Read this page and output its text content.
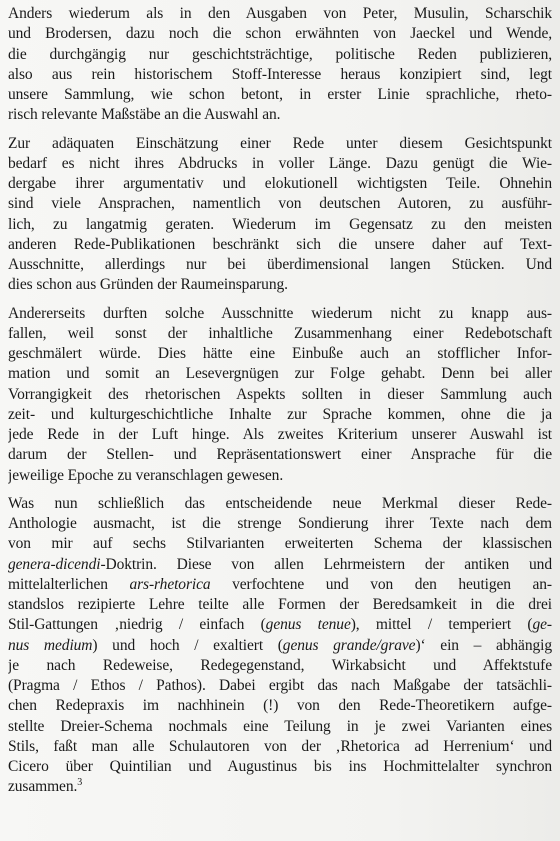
Anders wiederum als in den Ausgaben von Peter, Musulin, Scharschik
und Brodersen, dazu noch die schon erwähnten von Jaeckel und Wende,
die durchgängig nur geschichtsträchtige, politische Reden publizieren,
also aus rein historischem Stoff-Interesse heraus konzipiert sind, legt
unsere Sammlung, wie schon betont, in erster Linie sprachliche, rheto-
risch relevante Maßstäbe an die Auswahl an.

Zur adäquaten Einschätzung einer Rede unter diesem Gesichtspunkt
bedarf es nicht ihres Abdrucks in voller Länge. Dazu genügt die Wie-
dergabe ihrer argumentativ und elokutionell wichtigsten Teile. Ohnehin
sind viele Ansprachen, namentlich von deutschen Autoren, zu ausführ-
lich, zu langatmig geraten. Wiederum im Gegensatz zu den meisten
anderen Rede-Publikationen beschränkt sich die unsere daher auf Text-
Ausschnitte, allerdings nur bei überdimensional langen Stücken. Und
dies schon aus Gründen der Raumeinsparung.

Andererseits durften solche Ausschnitte wiederum nicht zu knapp aus-
fallen, weil sonst der inhaltliche Zusammenhang einer Redebotschaft
geschmälert würde. Dies hätte eine Einbuße auch an stofflicher Infor-
mation und somit an Lesevergnügen zur Folge gehabt. Denn bei aller
Vorrangigkeit des rhetorischen Aspekts sollten in dieser Sammlung auch
zeit- und kulturgeschichtliche Inhalte zur Sprache kommen, ohne die ja
jede Rede in der Luft hinge. Als zweites Kriterium unserer Auswahl ist
darum der Stellen- und Repräsentationswert einer Ansprache für die
jeweilige Epoche zu veranschlagen gewesen.

Was nun schließlich das entscheidende neue Merkmal dieser Rede-
Anthologie ausmacht, ist die strenge Sondierung ihrer Texte nach dem
von mir auf sechs Stilvarianten erweiterten Schema der klassischen
genera-dicendi-Doktrin. Diese von allen Lehrmeistern der antiken und
mittelalterlichen ars-rhetorica verfochtene und von den heutigen an-
standslos rezipierte Lehre teilte alle Formen der Beredsamkeit in die drei
Stil-Gattungen ‚niedrig / einfach (genus tenue), mittel / temperiert (ge-
nus medium) und hoch / exaltiert (genus grande/grave)‘ ein – abhängig
je nach Redeweise, Redegegenstand, Wirkabsicht und Affektstufe
(Pragma / Ethos / Pathos). Dabei ergibt das nach Maßgabe der tatsächli-
chen Redepraxis im nachhinein (!) von den Rede-Theoretikern aufge-
stellte Dreier-Schema nochmals eine Teilung in je zwei Varianten eines
Stils, faßt man alle Schulautoren von der ‚Rhetorica ad Herrenium‘ und
Cicero über Quintilian und Augustinus bis ins Hochmittelalter synchron
zusammen.$^3$
